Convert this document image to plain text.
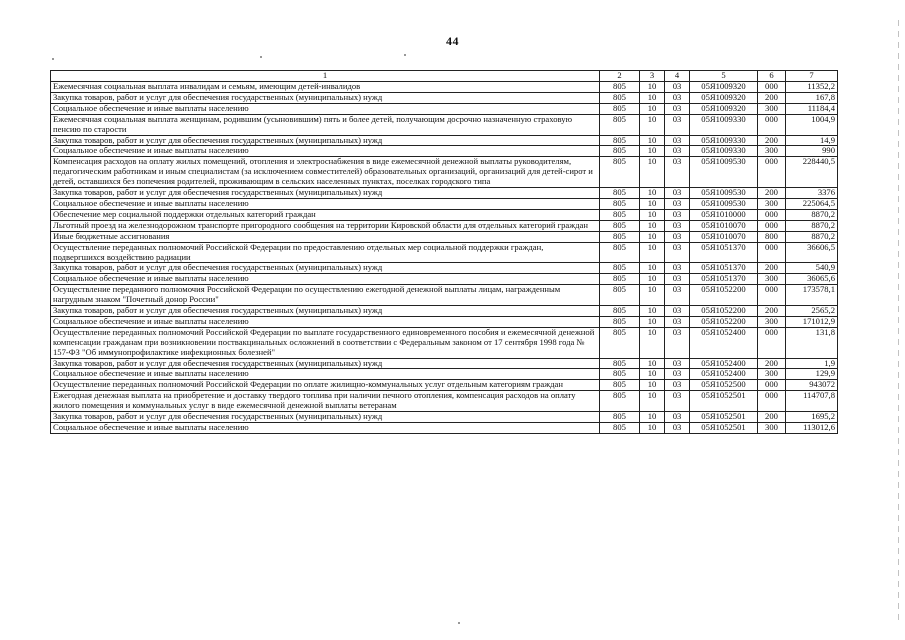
44
1	2	3	4	5	6	7
Ежемесячная социальная выплата инвалидам и семьям, имеющим детей-инвалидов	805	10	03	05Я1009320	000	11352,2
Закупка товаров, работ и услуг для обеспечения государственных (муниципальных) нужд	805	10	03	05Я1009320	200	167,8
Социальное обеспечение и иные выплаты населению	805	10	03	05Я1009320	300	11184,4
Ежемесячная социальная выплата женщинам, родившим (усыновившим) пять и более детей, получающим досрочно назначенную страховую пенсию по старости	805	10	03	05Я1009330	000	1004,9
Закупка товаров, работ и услуг для обеспечения государственных (муниципальных) нужд	805	10	03	05Я1009330	200	14,9
Социальное обеспечение и иные выплаты населению	805	10	03	05Я1009330	300	990
Компенсация расходов на оплату жилых помещений, отопления и электроснабжения в виде ежемесячной денежной выплаты руководителям, педагогическим работникам и иным специалистам (за исключением совместителей) образовательных организаций, организаций для детей-сирот и детей, оставшихся без попечения родителей, проживающим в сельских населенных пунктах, поселках городского типа	805	10	03	05Я1009530	000	228440,5
Закупка товаров, работ и услуг для обеспечения государственных (муниципальных) нужд	805	10	03	05Я1009530	200	3376
Социальное обеспечение и иные выплаты населению	805	10	03	05Я1009530	300	225064,5
Обеспечение мер социальной поддержки отдельных категорий граждан	805	10	03	05Я1010000	000	8870,2
Льготный проезд на железнодорожном транспорте пригородного сообщения на территории Кировской области для отдельных категорий граждан	805	10	03	05Я1010070	000	8870,2
Иные бюджетные ассигнования	805	10	03	05Я1010070	800	8870,2
Осуществление переданных полномочий Российской Федерации по предоставлению отдельных мер социальной поддержки граждан, подвергшихся воздействию радиации	805	10	03	05Я1051370	000	36606,5
Закупка товаров, работ и услуг для обеспечения государственных (муниципальных) нужд	805	10	03	05Я1051370	200	540,9
Социальное обеспечение и иные выплаты населению	805	10	03	05Я1051370	300	36065,6
Осуществление переданного полномочия Российской Федерации по осуществлению ежегодной денежной выплаты лицам, награжденным нагрудным знаком "Почетный донор России"	805	10	03	05Я1052200	000	173578,1
Закупка товаров, работ и услуг для обеспечения государственных (муниципальных) нужд	805	10	03	05Я1052200	200	2565,2
Социальное обеспечение и иные выплаты населению	805	10	03	05Я1052200	300	171012,9
Осуществление переданных полномочий Российской Федерации по выплате государственного единовременного пособия и ежемесячной денежной компенсации гражданам при возникновении поствакцинальных осложнений в соответствии с Федеральным законом от 17 сентября 1998 года № 157-ФЗ "Об иммунопрофилактике инфекционных болезней"	805	10	03	05Я1052400	000	131,8
Закупка товаров, работ и услуг для обеспечения государственных (муниципальных) нужд	805	10	03	05Я1052400	200	1,9
Социальное обеспечение и иные выплаты населению	805	10	03	05Я1052400	300	129,9
Осуществление переданных полномочий Российской Федерации по оплате жилищно-коммунальных услуг отдельным категориям граждан	805	10	03	05Я1052500	000	943072
Ежегодная денежная выплата на приобретение и доставку твердого топлива при наличии печного отопления, компенсация расходов на оплату жилого помещения и коммунальных услуг в виде ежемесячной денежной выплаты ветеранам	805	10	03	05Я1052501	000	114707,8
Закупка товаров, работ и услуг для обеспечения государственных (муниципальных) нужд	805	10	03	05Я1052501	200	1695,2
Социальное обеспечение и иные выплаты населению	805	10	03	05Я1052501	300	113012,6
